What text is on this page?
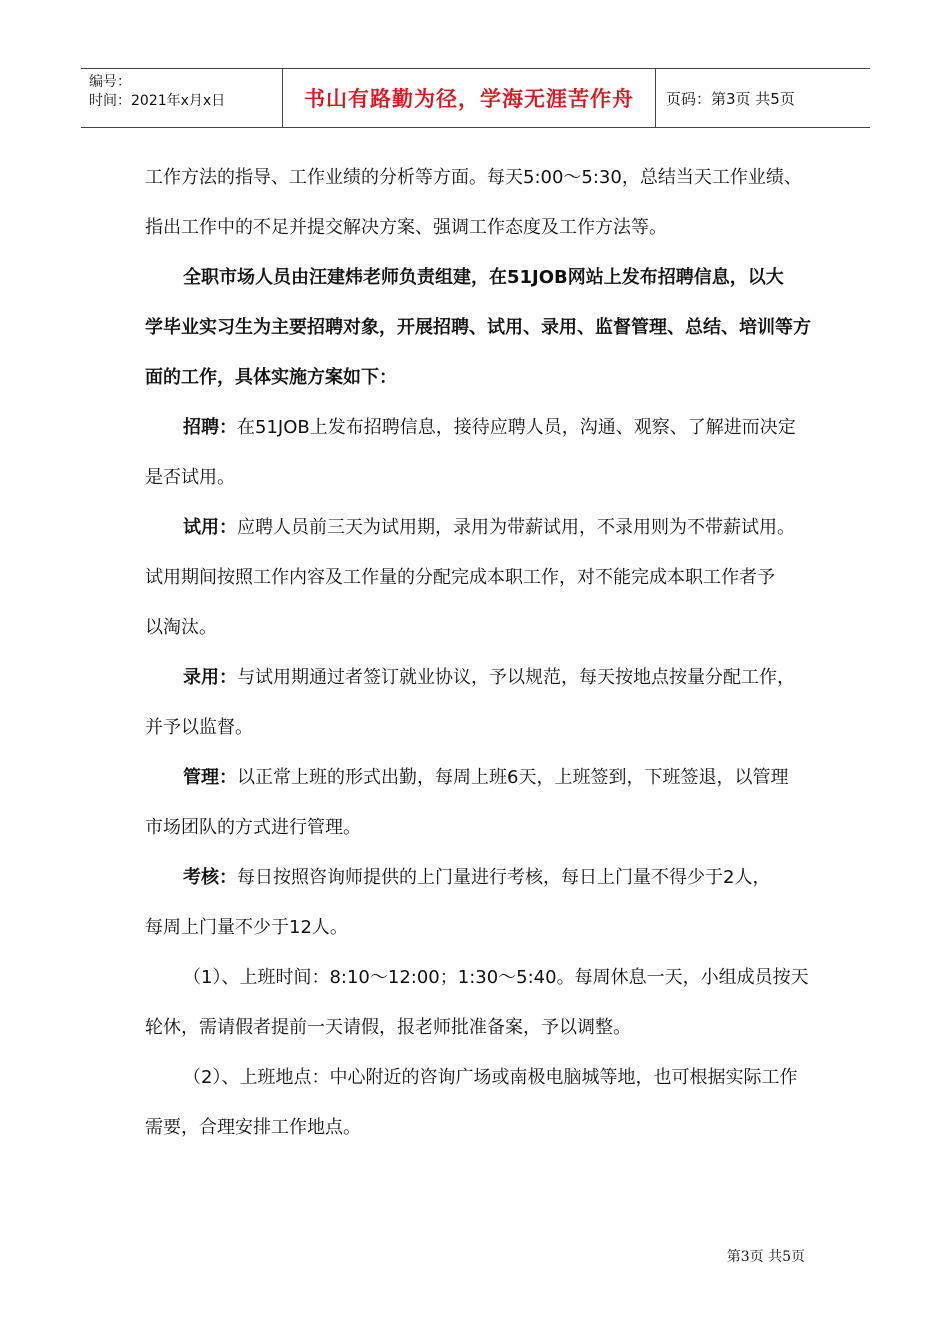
编号：
时间：2021年x月x日	书山有路勤为径，学海无涯苦作舟	页码：第3页 共5页
工作方法的指导、工作业绩的分析等方面。每天5:00～5:30，总结当天工作业绩、
指出工作中的不足并提交解决方案、强调工作态度及工作方法等。
全职市场人员由汪建炜老师负责组建，在51JOB网站上发布招聘信息，以大
学毕业实习生为主要招聘对象，开展招聘、试用、录用、监督管理、总结、培训等方
面的工作，具体实施方案如下：
招聘：在51JOB上发布招聘信息，接待应聘人员，沟通、观察、了解进而决定
是否试用。
试用：应聘人员前三天为试用期，录用为带薪试用，不录用则为不带薪试用。
试用期间按照工作内容及工作量的分配完成本职工作，对不能完成本职工作者予
以淘汰。
录用：与试用期通过者签订就业协议，予以规范，每天按地点按量分配工作，
并予以监督。
管理：以正常上班的形式出勤，每周上班6天，上班签到，下班签退，以管理
市场团队的方式进行管理。
考核：每日按照咨询师提供的上门量进行考核，每日上门量不得少于2人，
每周上门量不少于12人。
（1）、上班时间：8:10～12:00；1:30～5:40。每周休息一天，小组成员按天
轮休，需请假者提前一天请假，报老师批准备案，予以调整。
（2）、上班地点：中心附近的咨询广场或南极电脑城等地，也可根据实际工作
需要，合理安排工作地点。
第3页 共5页
